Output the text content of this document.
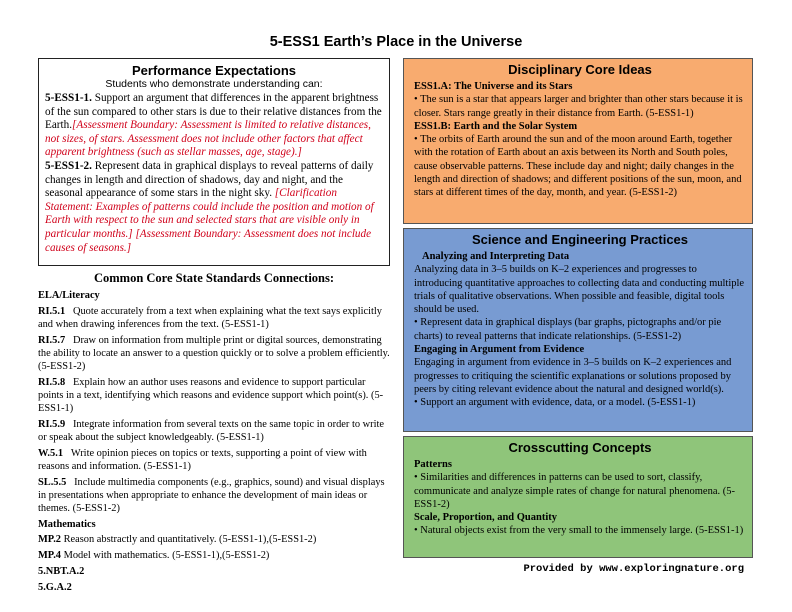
5-ESS1 Earth’s Place in the Universe
Performance Expectations
Students who demonstrate understanding can:
5-ESS1-1. Support an argument that differences in the apparent brightness of the sun compared to other stars is due to their relative distances from the Earth.[Assessment Boundary: Assessment is limited to relative distances, not sizes, of stars. Assessment does not include other factors that affect apparent brightness (such as stellar masses, age, stage).]
5-ESS1-2. Represent data in graphical displays to reveal patterns of daily changes in length and direction of shadows, day and night, and the seasonal appearance of some stars in the night sky. [Clarification Statement: Examples of patterns could include the position and motion of Earth with respect to the sun and selected stars that are visible only in particular months.] [Assessment Boundary: Assessment does not include causes of seasons.]
Common Core State Standards Connections:

ELA/Literacy

RI.5.1 Quote accurately from a text when explaining what the text says explicitly and when drawing inferences from the text. (5-ESS1-1)

RI.5.7 Draw on information from multiple print or digital sources, demonstrating the ability to locate an answer to a question quickly or to solve a problem efficiently. (5-ESS1-2)

RI.5.8 Explain how an author uses reasons and evidence to support particular points in a text, identifying which reasons and evidence support which point(s). (5-ESS1-1)

RI.5.9 Integrate information from several texts on the same topic in order to write or speak about the subject knowledgeably. (5-ESS1-1)

W.5.1 Write opinion pieces on topics or texts, supporting a point of view with reasons and information. (5-ESS1-1)

SL.5.5 Include multimedia components (e.g., graphics, sound) and visual displays in presentations when appropriate to enhance the development of main ideas or themes. (5-ESS1-2)

Mathematics

MP.2 Reason abstractly and quantitatively. (5-ESS1-1),(5-ESS1-2)

MP.4 Model with mathematics. (5-ESS1-1),(5-ESS1-2)

5.NBT.A.2

5.G.A.2

Disciplinary Core Ideas
ESS1.A: The Universe and its Stars
• The sun is a star that appears larger and brighter than other stars because it is closer. Stars range greatly in their distance from Earth. (5-ESS1-1)
ESS1.B: Earth and the Solar System
• The orbits of Earth around the sun and of the moon around Earth, together with the rotation of Earth about an axis between its North and South poles, cause observable patterns. These include day and night; daily changes in the length and direction of shadows; and different positions of the sun, moon, and stars at different times of the day, month, and year. (5-ESS1-2)
Science and Engineering Practices
Analyzing and Interpreting Data
Analyzing data in 3–5 builds on K–2 experiences and progresses to introducing quantitative approaches to collecting data and conducting multiple trials of qualitative observations. When possible and feasible, digital tools should be used.
• Represent data in graphical displays (bar graphs, pictographs and/or pie charts) to reveal patterns that indicate relationships. (5-ESS1-2)
Engaging in Argument from Evidence
Engaging in argument from evidence in 3–5 builds on K–2 experiences and progresses to critiquing the scientific explanations or solutions proposed by peers by citing relevant evidence about the natural and designed world(s).
• Support an argument with evidence, data, or a model. (5-ESS1-1)
Crosscutting Concepts
Patterns
• Similarities and differences in patterns can be used to sort, classify, communicate and analyze simple rates of change for natural phenomena. (5-ESS1-2)
Scale, Proportion, and Quantity
• Natural objects exist from the very small to the immensely large. (5-ESS1-1)
Provided by www.exploringnature.org
